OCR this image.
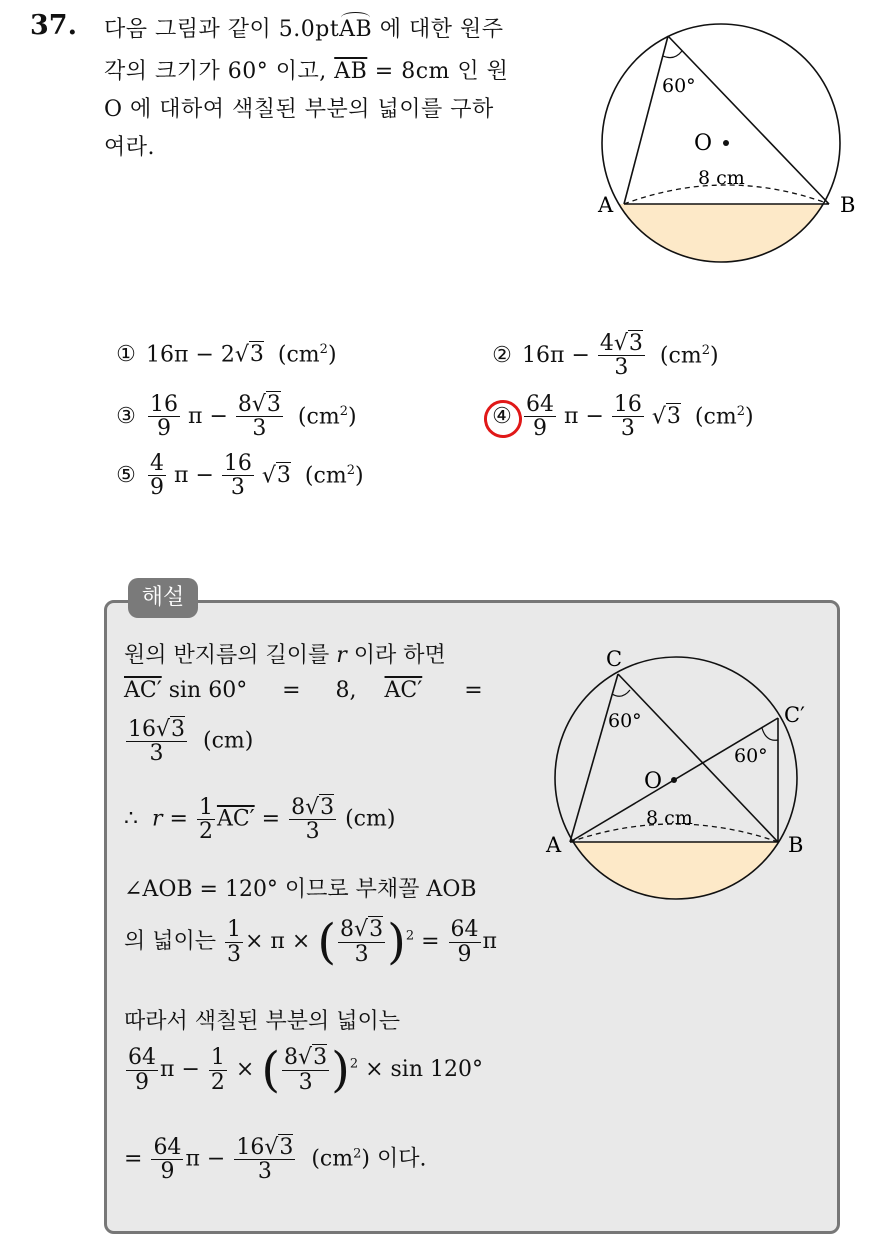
37. 다음 그림과 같이 5.0ptAB 에 대한 원주
각의 크기가 60° 이고, $\overline{AB} = 8cm$ 인 원
O 에 대하여 색칠된 부분의 넓이를 구하
여라.
60°
O
8 cm
A	B
① 16π − 2√3  $(cm^2)$	② $16\pi - \frac{4√3}{3} (cm^2)$
③ $\frac{16}{9}$ $\pi - \frac{8√3}{3} (cm^2)$	④ $\frac{64}{9}$ $\pi - \frac{16}{3} √3$  $(cm^2)$
⑤ $\frac{4}{9}$ $\pi - \frac{16}{3} √3$  $(cm^2)$
해설
원의 반지름의 길이를 r 이라 하면
AC′ sin 60°     =     8,    AC′      =
$\frac{16√3}{3} (cm)$
∴  $r = \frac{1}{2} AC' = \frac{8√3}{3} (cm)$
∠AOB = 120° 이므로 부채꼴 AOB
의 넓이는 $\frac{1}{3} \times \pi$ × ( $\frac{8√3}{3} )^2 = \frac{64}{9}$ π
따라서 색칠된 부분의 넓이는
$\frac{64}{9}$ $\pi - \frac{1}{2}$ × ( $\frac{8√3}{3} )^2 \times \sin 120^\circ$
= $\frac{64}{9}$ $\pi - \frac{16√3}{3} (cm^2)$ 이다.
C
C′
60°
60°
O
8 cm
A	B
